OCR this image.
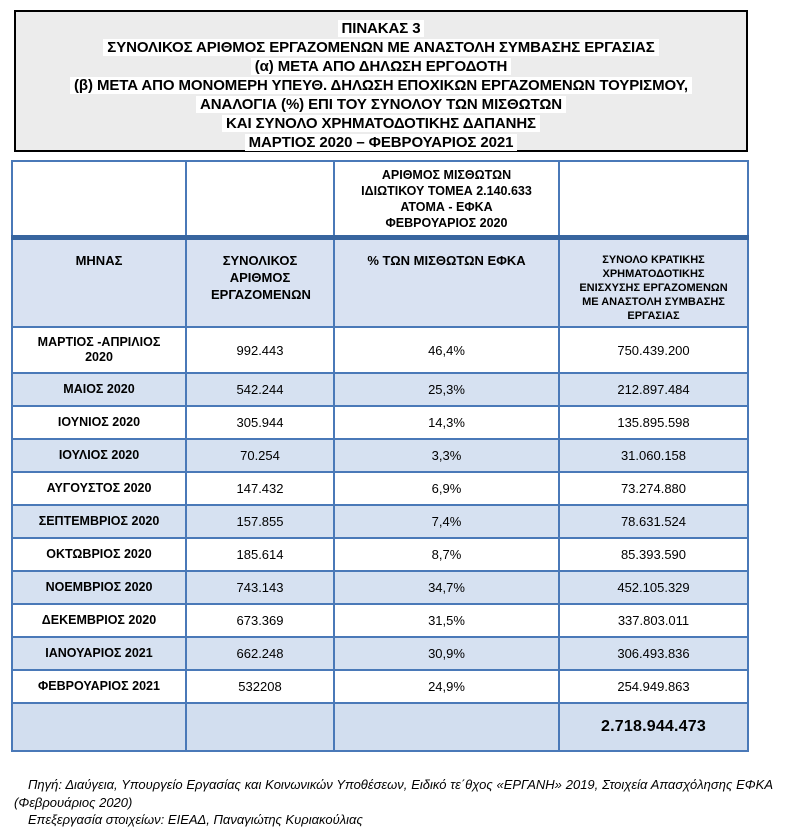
ΠΙΝΑΚΑΣ 3
ΣΥΝΟΛΙΚΟΣ ΑΡΙΘΜΟΣ ΕΡΓΑΖΟΜΕΝΩΝ ΜΕ ΑΝΑΣΤΟΛΗ ΣΥΜΒΑΣΗΣ ΕΡΓΑΣΙΑΣ
(α) ΜΕΤΑ ΑΠΟ ΔΗΛΩΣΗ ΕΡΓΟΔΟΤΗ
(β) ΜΕΤΑ ΑΠΟ ΜΟΝΟΜΕΡΗ ΥΠΕΥΘ. ΔΗΛΩΣΗ ΕΠΟΧΙΚΩΝ ΕΡΓΑΖΟΜΕΝΩΝ ΤΟΥΡΙΣΜΟΥ,
ΑΝΑΛΟΓΙΑ (%) ΕΠΙ ΤΟΥ ΣΥΝΟΛΟΥ ΤΩΝ ΜΙΣΘΩΤΩΝ
ΚΑΙ ΣΥΝΟΛΟ ΧΡΗΜΑΤΟΔΟΤΙΚΗΣ ΔΑΠΑΝΗΣ
ΜΑΡΤΙΟΣ 2020 – ΦΕΒΡΟΥΑΡΙΟΣ 2021
		ΑΡΙΘΜΟΣ ΜΙΣΘΩΤΩΝ ΙΔΙΩΤΙΚΟΥ ΤΟΜΕΑ 2.140.633 ΑΤΟΜΑ - ΕΦΚΑ ΦΕΒΡΟΥΑΡΙΟΣ 2020	
ΜΗΝΑΣ	ΣΥΝΟΛΙΚΟΣ ΑΡΙΘΜΟΣ ΕΡΓΑΖΟΜΕΝΩΝ	% ΤΩΝ ΜΙΣΘΩΤΩΝ ΕΦΚΑ	ΣΥΝΟΛΟ ΚΡΑΤΙΚΗΣ ΧΡΗΜΑΤΟΔΟΤΙΚΗΣ ΕΝΙΣΧΥΣΗΣ ΕΡΓΑΖΟΜΕΝΩΝ ΜΕ ΑΝΑΣΤΟΛΗ ΣΥΜΒΑΣΗΣ ΕΡΓΑΣΙΑΣ
ΜΑΡΤΙΟΣ -ΑΠΡΙΛΙΟΣ 2020	992.443	46,4%	750.439.200
ΜΑΙΟΣ 2020	542.244	25,3%	212.897.484
ΙΟΥΝΙΟΣ 2020	305.944	14,3%	135.895.598
ΙΟΥΛΙΟΣ 2020	70.254	3,3%	31.060.158
ΑΥΓΟΥΣΤΟΣ 2020	147.432	6,9%	73.274.880
ΣΕΠΤΕΜΒΡΙΟΣ 2020	157.855	7,4%	78.631.524
ΟΚΤΩΒΡΙΟΣ 2020	185.614	8,7%	85.393.590
ΝΟΕΜΒΡΙΟΣ 2020	743.143	34,7%	452.105.329
ΔΕΚΕΜΒΡΙΟΣ 2020	673.369	31,5%	337.803.011
ΙΑΝΟΥΑΡΙΟΣ 2021	662.248	30,9%	306.493.836
ΦΕΒΡΟΥΑΡΙΟΣ 2021	532208	24,9%	254.949.863
			2.718.944.473

Πηγή: Διαύγεια, Υπουργείο Εργασίας και Κοινωνικών Υποθέσεων, Ειδικό τε΄θχος «ΕΡΓΑΝΗ» 2019, Στοιχεία Απασχόλησης ΕΦΚΑ (Φεβρουάριος 2020)

Επεξεργασία στοιχείων: ΕΙΕΑΔ, Παναγιώτης Κυριακούλιας
